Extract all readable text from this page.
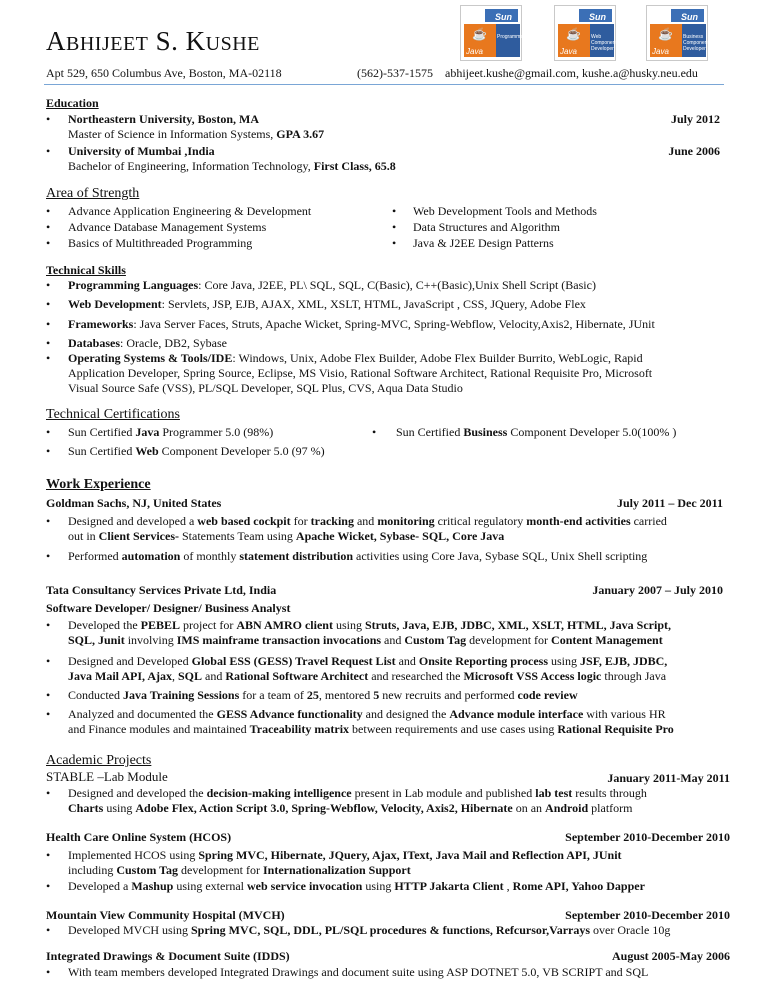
ABHIJEET S. KUSHE
Apt 529, 650 Columbus Ave, Boston, MA-02118	(562)-537-1575 abhijeet.kushe@gmail.com, kushe.a@husky.neu.edu
☕
Java
Sun
Programmer	☕
Java
Sun
Web Component Developer
☕
Java
Sun
Business Component Developer
Education
•	Northeastern University, Boston, MA	July 2012
Master of Science in Information Systems, GPA 3.67
•	University of Mumbai ,India	June 2006
Bachelor of Engineering, Information Technology, First Class, 65.8
Area of Strength
•	Advance Application Engineering & Development
•	Advance Database Management Systems
•	Basics of Multithreaded Programming
• Web Development Tools and Methods
• Data Structures and Algorithm
• Java & J2EE Design Patterns
Technical Skills
•	Programming Languages: Core Java, J2EE, PL\ SQL, SQL, C(Basic), C++(Basic),Unix Shell Script (Basic)
•	Web Development: Servlets, JSP, EJB, AJAX, XML, XSLT, HTML, JavaScript , CSS, JQuery, Adobe Flex
•	Frameworks: Java Server Faces, Struts, Apache Wicket, Spring-MVC, Spring-Webflow, Velocity,Axis2, Hibernate, JUnit
•	Databases: Oracle, DB2, Sybase
•	Operating Systems & Tools/IDE: Windows, Unix, Adobe Flex Builder, Adobe Flex Builder Burrito, WebLogic, Rapid
Application Developer, Spring Source, Eclipse, MS Visio, Rational Software Architect, Rational Requisite Pro, Microsoft
Visual Source Safe (VSS), PL/SQL Developer, SQL Plus, CVS, Aqua Data Studio
Technical Certifications
•	Sun Certified Java Programmer 5.0 (98%)	• Sun Certified Business Component Developer 5.0(100% )
•	Sun Certified Web Component Developer 5.0 (97 %)
Work Experience
Goldman Sachs, NJ, United States	July 2011 – Dec 2011
•	Designed and developed a web based cockpit for tracking and monitoring critical regulatory month-end activities carried
out in Client Services- Statements Team using Apache Wicket, Sybase- SQL, Core Java
•	Performed automation of monthly statement distribution activities using Core Java, Sybase SQL, Unix Shell scripting
Tata Consultancy Services Private Ltd, India	January 2007 – July 2010
Software Developer/ Designer/ Business Analyst
•	Developed the PEBEL project for ABN AMRO client using Struts, Java, EJB, JDBC, XML, XSLT, HTML, Java Script,
SQL, Junit involving IMS mainframe transaction invocations and Custom Tag development for Content Management
•	Designed and Developed Global ESS (GESS) Travel Request List and Onsite Reporting process using JSF, EJB, JDBC,
Java Mail API, Ajax, SQL and Rational Software Architect and researched the Microsoft VSS Access logic through Java
•	Conducted Java Training Sessions for a team of 25, mentored 5 new recruits and performed code review
•	Analyzed and documented the GESS Advance functionality and designed the Advance module interface with various HR
and Finance modules and maintained Traceability matrix between requirements and use cases using Rational Requisite Pro
Academic Projects
STABLE –Lab Module	January 2011-May 2011
•	Designed and developed the decision-making intelligence present in Lab module and published lab test results through
Charts using Adobe Flex, Action Script 3.0, Spring-Webflow, Velocity, Axis2, Hibernate on an Android platform
Health Care Online System (HCOS)	September 2010-December 2010
•	Implemented HCOS using Spring MVC, Hibernate, JQuery, Ajax, IText, Java Mail and Reflection API, JUnit
including Custom Tag development for Internationalization Support
•	Developed a Mashup using external web service invocation using HTTP Jakarta Client , Rome API, Yahoo Dapper
Mountain View Community Hospital (MVCH)	September 2010-December 2010
•	Developed MVCH using Spring MVC, SQL, DDL, PL/SQL procedures & functions, Refcursor,Varrays over Oracle 10g
Integrated Drawings & Document Suite (IDDS)	August 2005-May 2006
•	With team members developed Integrated Drawings and document suite using ASP DOTNET 5.0, VB SCRIPT and SQL
